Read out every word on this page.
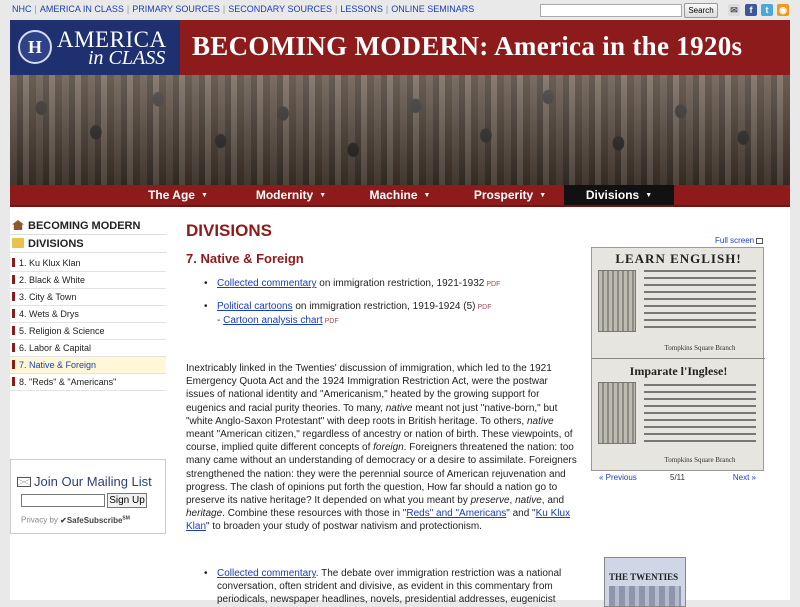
NHC | AMERICA IN CLASS | PRIMARY SOURCES | SECONDARY SOURCES | LESSONS | ONLINE SEMINARS	Search	✉	f	t	◉
H AMERICA
in CLASS BECOMING MODERN: America in the 1920s
The Age ▼	Modernity ▼	Machine ▼	Prosperity ▼	Divisions ▼
BECOMING MODERN
DIVISIONS
1. Ku Klux Klan
2. Black & White
3. City & Town
4. Wets & Drys
5. Religion & Science
6. Labor & Capital
7. Native & Foreign
8. "Reds" & "Americans"
Join Our Mailing List
Sign Up
Privacy by ✔SafeSubscribe℠
DIVISIONS
7. Native & Foreign
• Collected commentary on immigration restriction, 1921-1932 PDF
• Political cartoons on immigration restriction, 1919-1924 (5) PDF
- Cartoon analysis chart PDF

Inextricably linked in the Twenties' discussion of immigration, which led to the 1921 Emergency Quota Act and the 1924 Immigration Restriction Act, were the postwar issues of national identity and "Americanism," heated by the growing support for eugenics and racial purity theories. To many, native meant not just "native-born," but "white Anglo-Saxon Protestant" with deep roots in British heritage. To others, native meant "American citizen," regardless of ancestry or nation of birth. These viewpoints, of course, implied quite different concepts of foreign. Foreigners threatened the nation: too many came without an understanding of democracy or a desire to assimilate. Foreigners strengthened the nation: they were the perennial source of American rejuvenation and progress. The clash of opinions put forth the question, How far should a nation go to preserve its native heritage? It depended on what you meant by preserve, native, and heritage. Combine these resources with those in "Reds" and "Americans" and "Ku Klux Klan" to broaden your study of postwar nativism and protectionism.

• Collected commentary. The debate over immigration restriction was a national conversation, often strident and divisive, as evident in this commentary from periodicals, newspaper headlines, novels, presidential addresses, eugenicist
Full screen
LEARN ENGLISH!
Tompkins Square Branch
Imparate l'Inglese!
Tompkins Square Branch
« Previous	5/11	Next »
THE TWENTIES
